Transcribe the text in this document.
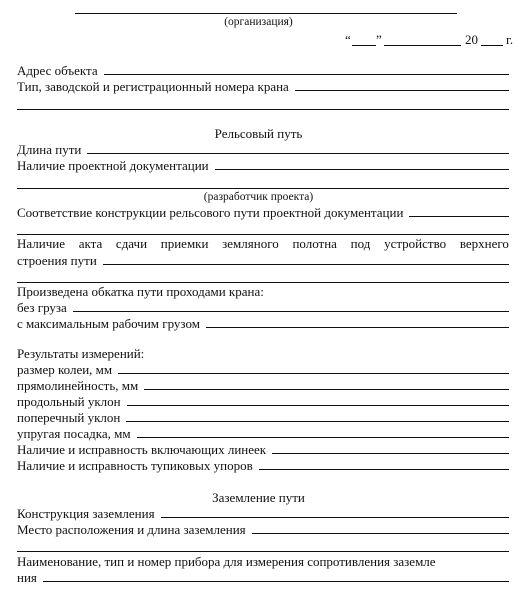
(организация)
“ ”	20 г.
Адрес объекта
Тип, заводской и регистрационный номера крана
Рельсовый путь
Длина пути
Наличие проектной документации
(разработчик проекта)
Соответствие конструкции рельсового пути проектной документации
Наличие акта сдачи приемки земляного полотна под устройство верхнего
строения пути
Произведена обкатка пути проходами крана:
без груза
с максимальным рабочим грузом
Результаты измерений:
размер колеи, мм
прямолинейность, мм
продольный уклон
поперечный уклон
упругая посадка, мм
Наличие и исправность включающих линеек
Наличие и исправность тупиковых упоров
Заземление пути
Конструкция заземления
Место расположения и длина заземления
Наименование, тип и номер прибора для измерения сопротивления заземле
ния
